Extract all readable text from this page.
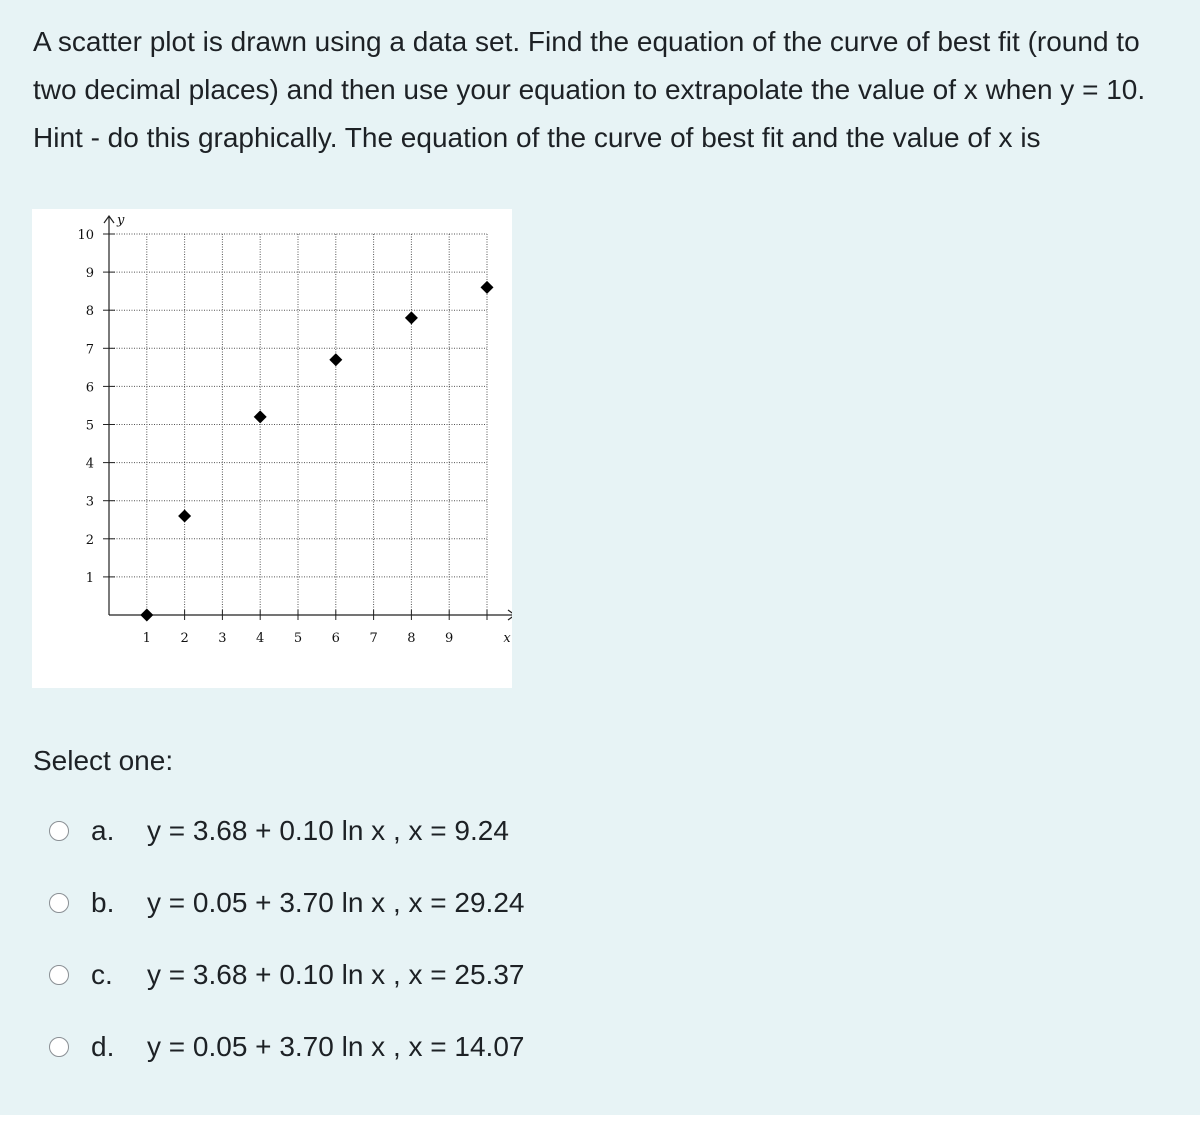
A scatter plot is drawn using a data set. Find the equation of the curve of best fit (round to two decimal places) and then use your equation to extrapolate the value of x when y = 10. Hint - do this graphically. The equation of the curve of best fit and the value of x is
1 2 3 4 5 6 7 8 9
1
2
3
4
5
6
7
8
9
10
x
y
Select one:
a.	y = 3.68 + 0.10 ln x , x = 9.24
b.	y = 0.05 + 3.70 ln x , x = 29.24
c.	y = 3.68 + 0.10 ln x , x = 25.37
d.	y = 0.05 + 3.70 ln x , x = 14.07
